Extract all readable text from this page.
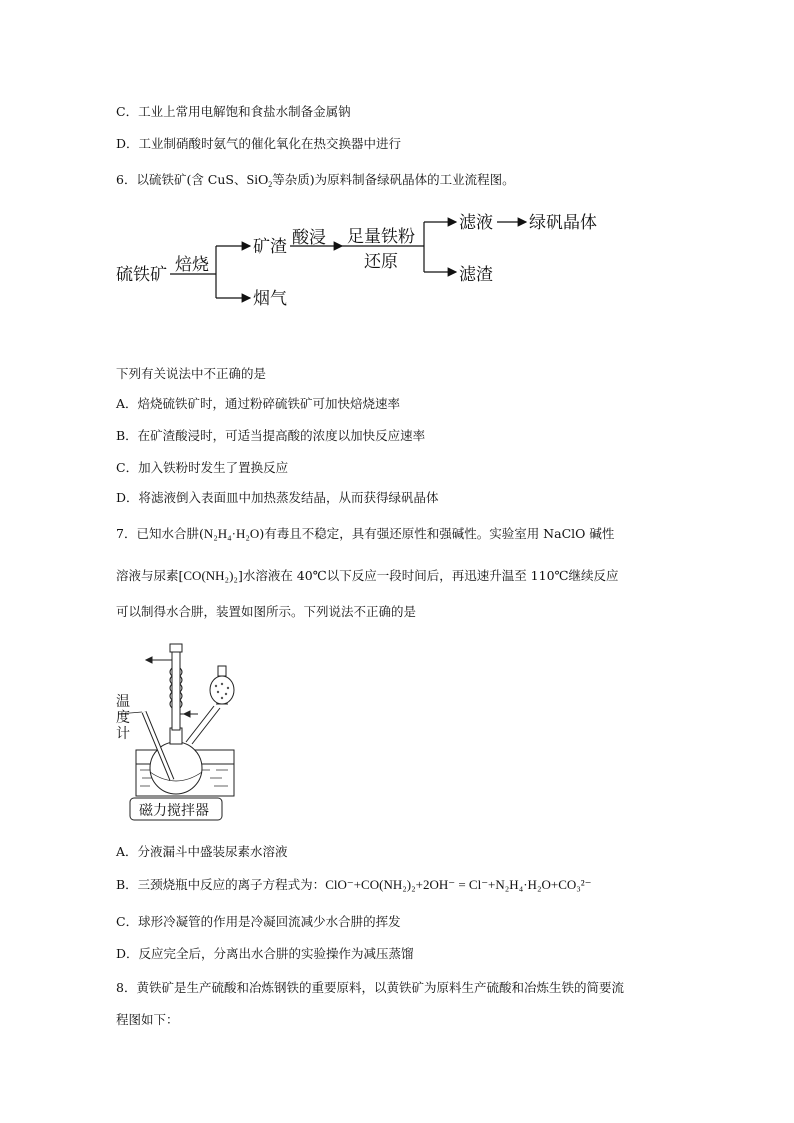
C．工业上常用电解饱和食盐水制备金属钠
D．工业制硝酸时氨气的催化氧化在热交换器中进行
6．以硫铁矿(含 CuS、SiO$_2$等杂质)为原料制备绿矾晶体的工业流程图。
硫铁矿 焙烧
矿渣
烟气
酸浸 足量铁粉
还原
滤液 绿矾晶体
滤渣
下列有关说法中不正确的是
A．焙烧硫铁矿时，通过粉碎硫铁矿可加快焙烧速率
B．在矿渣酸浸时，可适当提高酸的浓度以加快反应速率
C．加入铁粉时发生了置换反应
D．将滤液倒入表面皿中加热蒸发结晶，从而获得绿矾晶体
7．已知水合肼(N₂H₄·H₂O)有毒且不稳定，具有强还原性和强碱性。实验室用 NaClO 碱性
溶液与尿素[CO(NH₂)₂]水溶液在 40℃以下反应一段时间后，再迅速升温至 110℃继续反应
可以制得水合肼，装置如图所示。下列说法不正确的是
温
度
计
磁力搅拌器
A．分液漏斗中盛装尿素水溶液
B．三颈烧瓶中反应的离子方程式为：ClO⁻+CO(NH₂)₂+2OH⁻ = Cl⁻+N₂H₄·H₂O+CO₃²⁻
C．球形冷凝管的作用是冷凝回流减少水合肼的挥发
D．反应完全后，分离出水合肼的实验操作为减压蒸馏
8．黄铁矿是生产硫酸和冶炼钢铁的重要原料，以黄铁矿为原料生产硫酸和冶炼生铁的简要流
程图如下：
